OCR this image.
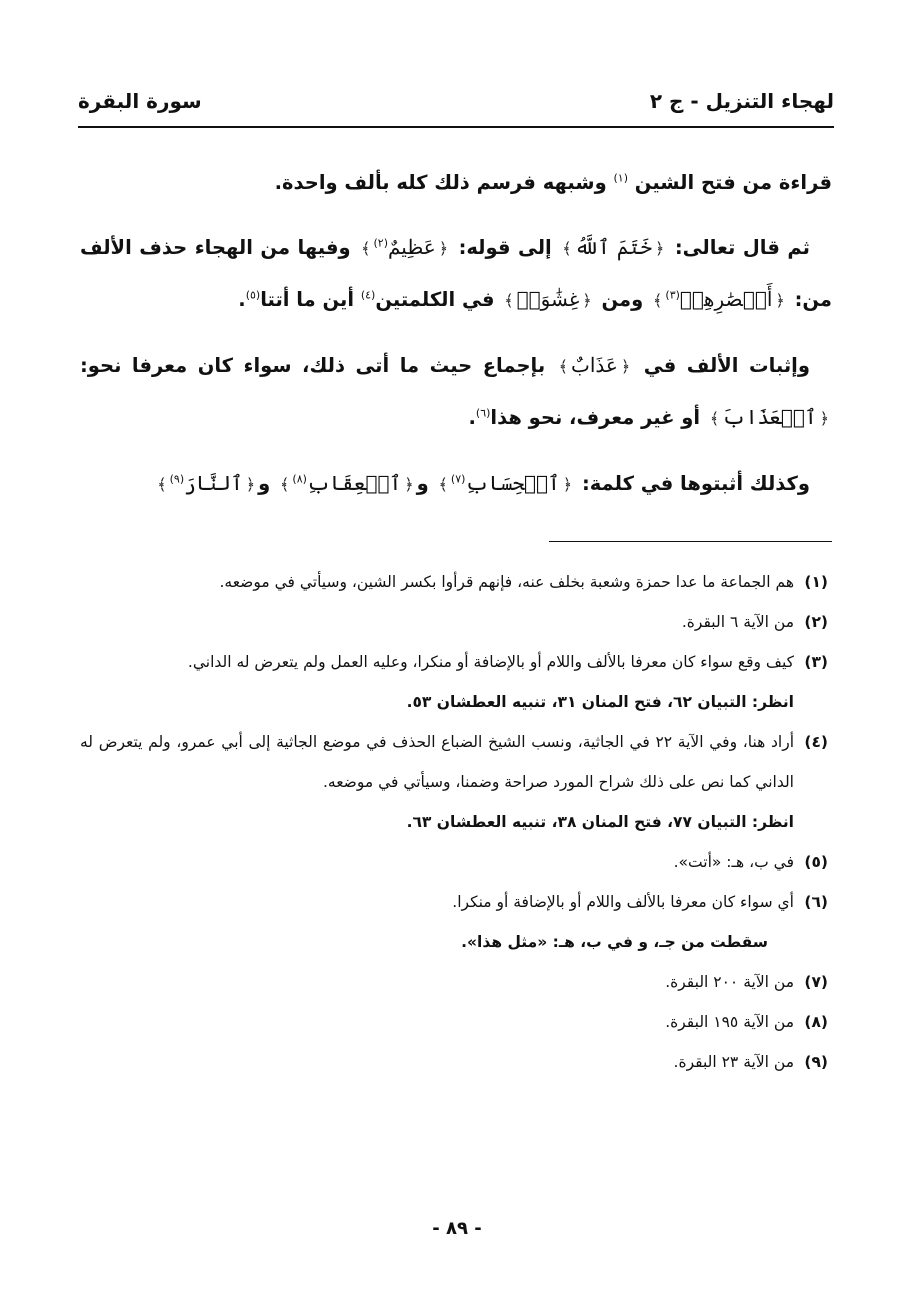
لهجاء التنزيل - ج ٢
سورة البقرة

قراءة من فتح الشين $^{(١)}$ وشبهه فرسم ذلك كله بألف واحدة.

ثم قال تعالى: ﴿خَتَمَ ٱللَّهُ﴾ إلى قوله: ﴿عَظِيمٌ$^{(٢)}$﴾ وفيها من الهجاء حذف الألف من: ﴿أَبۡصَٰرِهِمۡ$^{(٣)}$﴾ ومن ﴿غِشَٰوَةٞ﴾ في الكلمتين$^{(٤)}$ أين ما أتتا$^{(٥)}$.

وإثبات الألف في ﴿عَذَابٌ﴾ بإجماع حيث ما أتى ذلك، سواء كان معرفا نحو: ﴿ٱلۡعَذَابَ﴾ أو غير معرف، نحو هذا$^{(٦)}$.

وكذلك أثبتوها في كلمة: ﴿ٱلۡحِسَابِ$^{(٧)}$﴾ و﴿ٱلۡعِقَابِ$^{(٨)}$﴾ و﴿ٱلنَّارَ$^{(٩)}$﴾

(١)
هم الجماعة ما عدا حمزة وشعبة بخلف عنه، فإنهم قرأوا بكسر الشين، وسيأتي في موضعه.
(٢)
من الآية ٦ البقرة.
(٣)
كيف وقع سواء كان معرفا بالألف واللام أو بالإضافة أو منكرا، وعليه العمل ولم يتعرض له الداني.
انظر: التبيان ٦٢، فتح المنان ٣١، تنبيه العطشان ٥٣.
(٤)
أراد هنا، وفي الآية ٢٢ في الجاثية، ونسب الشيخ الضباع الحذف في موضع الجاثية إلى أبي عمرو، ولم يتعرض له الداني كما نص على ذلك شراح المورد صراحة وضمنا، وسيأتي في موضعه.
انظر: التبيان ٧٧، فتح المنان ٣٨، تنبيه العطشان ٦٣.
(٥)
في ب، هـ: «أتت».
(٦)
أي سواء كان معرفا بالألف واللام أو بالإضافة أو منكرا.
سقطت من جـ، و في ب، هـ: «مثل هذا».
(٧)
من الآية ٢٠٠ البقرة.
(٨)
من الآية ١٩٥ البقرة.
(٩)
من الآية ٢٣ البقرة.
- ٨٩ -
